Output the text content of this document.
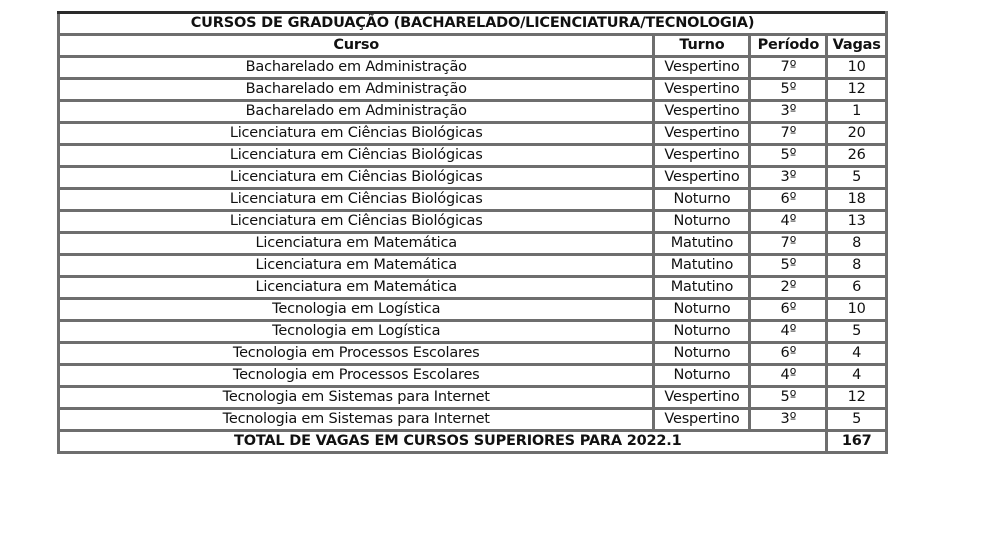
CURSOS DE GRADUAÇÃO (BACHARELADO/LICENCIATURA/TECNOLOGIA)			
Curso	Turno	Período	Vagas
Bacharelado em Administração	Vespertino	7º	10
Bacharelado em Administração	Vespertino	5º	12
Bacharelado em Administração	Vespertino	3º	1
Licenciatura em Ciências Biológicas	Vespertino	7º	20
Licenciatura em Ciências Biológicas	Vespertino	5º	26
Licenciatura em Ciências Biológicas	Vespertino	3º	5
Licenciatura em Ciências Biológicas	Noturno	6º	18
Licenciatura em Ciências Biológicas	Noturno	4º	13
Licenciatura em Matemática	Matutino	7º	8
Licenciatura em Matemática	Matutino	5º	8
Licenciatura em Matemática	Matutino	2º	6
Tecnologia em Logística	Noturno	6º	10
Tecnologia em Logística	Noturno	4º	5
Tecnologia em Processos Escolares	Noturno	6º	4
Tecnologia em Processos Escolares	Noturno	4º	4
Tecnologia em Sistemas para Internet	Vespertino	5º	12
Tecnologia em Sistemas para Internet	Vespertino	3º	5
TOTAL DE VAGAS EM CURSOS SUPERIORES PARA 2022.1			167
